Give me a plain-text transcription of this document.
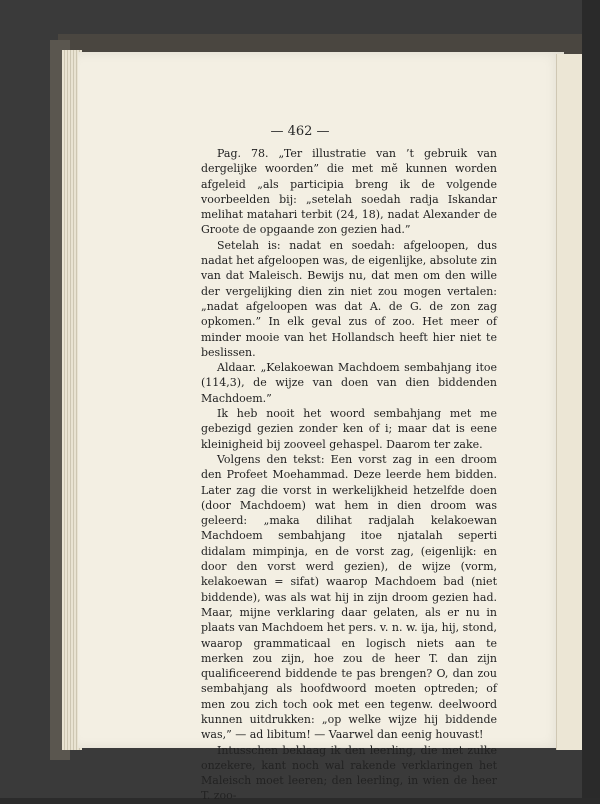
— 462 —

Pag. 78. „Ter illustratie van ’t gebruik van dergelijke woorden” die met mĕ kunnen worden afgeleid „als participia breng ik de volgende voorbeelden bij: „setelah soedah radja Iskandar melihat matahari terbit (24, 18), nadat Alexander de Groote de opgaande zon gezien had.”

Setelah is: nadat en soedah: afgeloopen, dus nadat het afgeloopen was, de eigenlijke, absolute zin van dat Maleisch. Bewijs nu, dat men om den wille der vergelijking dien zin niet zou mogen vertalen: „nadat afgeloopen was dat A. de G. de zon zag opkomen.” In elk geval zus of zoo. Het meer of minder mooie van het Hollandsch heeft hier niet te beslissen.

Aldaar. „Kelakoewan Machdoem sembahjang itoe (114,3), de wijze van doen van dien biddenden Machdoem.”

Ik heb nooit het woord sembahjang met me gebezigd gezien zonder ken of i; maar dat is eene kleinigheid bij zooveel gehaspel. Daarom ter zake.

Volgens den tekst: Een vorst zag in een droom den Profeet Moehammad. Deze leerde hem bidden. Later zag die vorst in werkelijkheid hetzelfde doen (door Machdoem) wat hem in dien droom was geleerd: „maka dilihat radjalah kelakoewan Machdoem sembahjang itoe njatalah seperti didalam mimpinja, en de vorst zag, (eigenlijk: en door den vorst werd gezien), de wijze (vorm, kelakoewan = sifat) waarop Machdoem bad (niet biddende), was als wat hij in zijn droom gezien had. Maar, mijne verklaring daar gelaten, als er nu in plaats van Machdoem het pers. v. n. w. ija, hij, stond, waarop grammaticaal en logisch niets aan te merken zou zijn, hoe zou de heer T. dan zijn qualificeerend biddende te pas brengen? O, dan zou sembahjang als hoofdwoord moeten optreden; of men zou zich toch ook met een tegenw. deelwoord kunnen uitdrukken: „op welke wijze hij biddende was,” — ad libitum! — Vaarwel dan eenig houvast!

Intusschen beklaag ik den leerling, die met zulke onzekere, kant noch wal rakende verklaringen het Maleisch moet leeren; den leerling, in wien de heer T. zoo-
